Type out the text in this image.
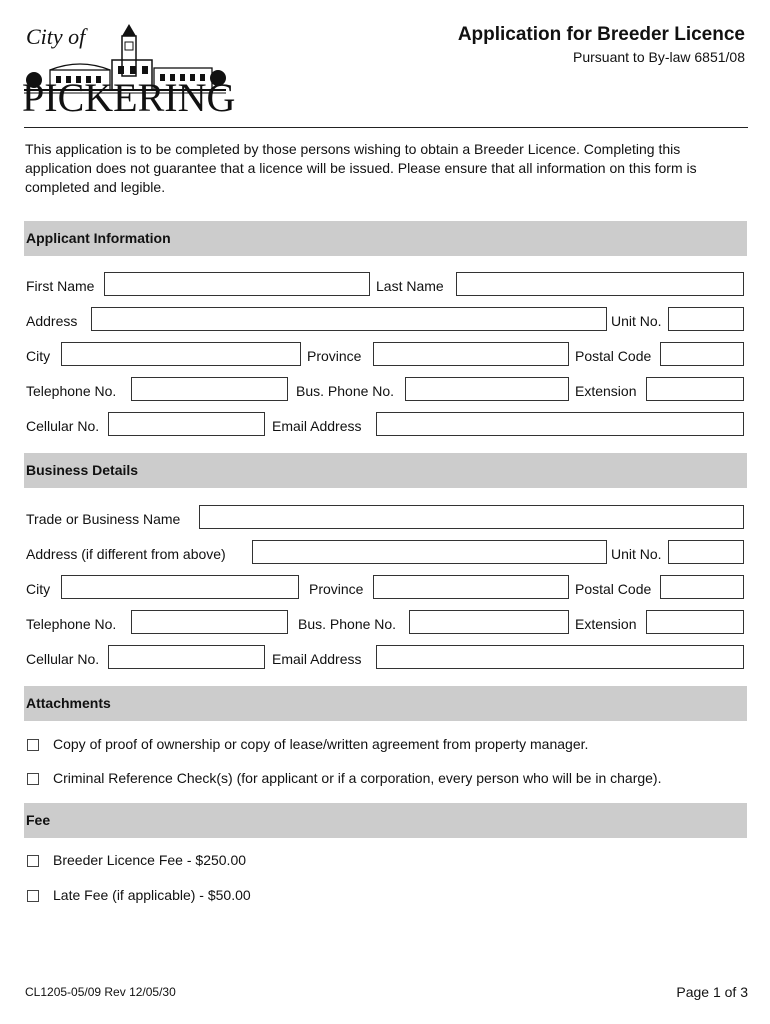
City of
PICKERING
Application for Breeder Licence
Pursuant to By-law 6851/08
This application is to be completed by those persons wishing to obtain a Breeder Licence. Completing this application does not guarantee that a licence will be issued. Please ensure that all information on this form is completed and legible.
Applicant Information
First Name	Last Name
Address	Unit No.
City	Province	Postal Code
Telephone No.	Bus. Phone No.	Extension
Cellular No.	Email Address
Business Details
Trade or Business Name
Address (if different from above)	Unit No.
City	Province	Postal Code
Telephone No.	Bus. Phone No.	Extension
Cellular No.	Email Address
Attachments
Copy of proof of ownership or copy of lease/written agreement from property manager.
Criminal Reference Check(s) (for applicant or if a corporation, every person who will be in charge).
Fee
Breeder Licence Fee - $250.00
Late Fee (if applicable) - $50.00
CL1205-05/09 Rev 12/05/30	Page 1 of 3
